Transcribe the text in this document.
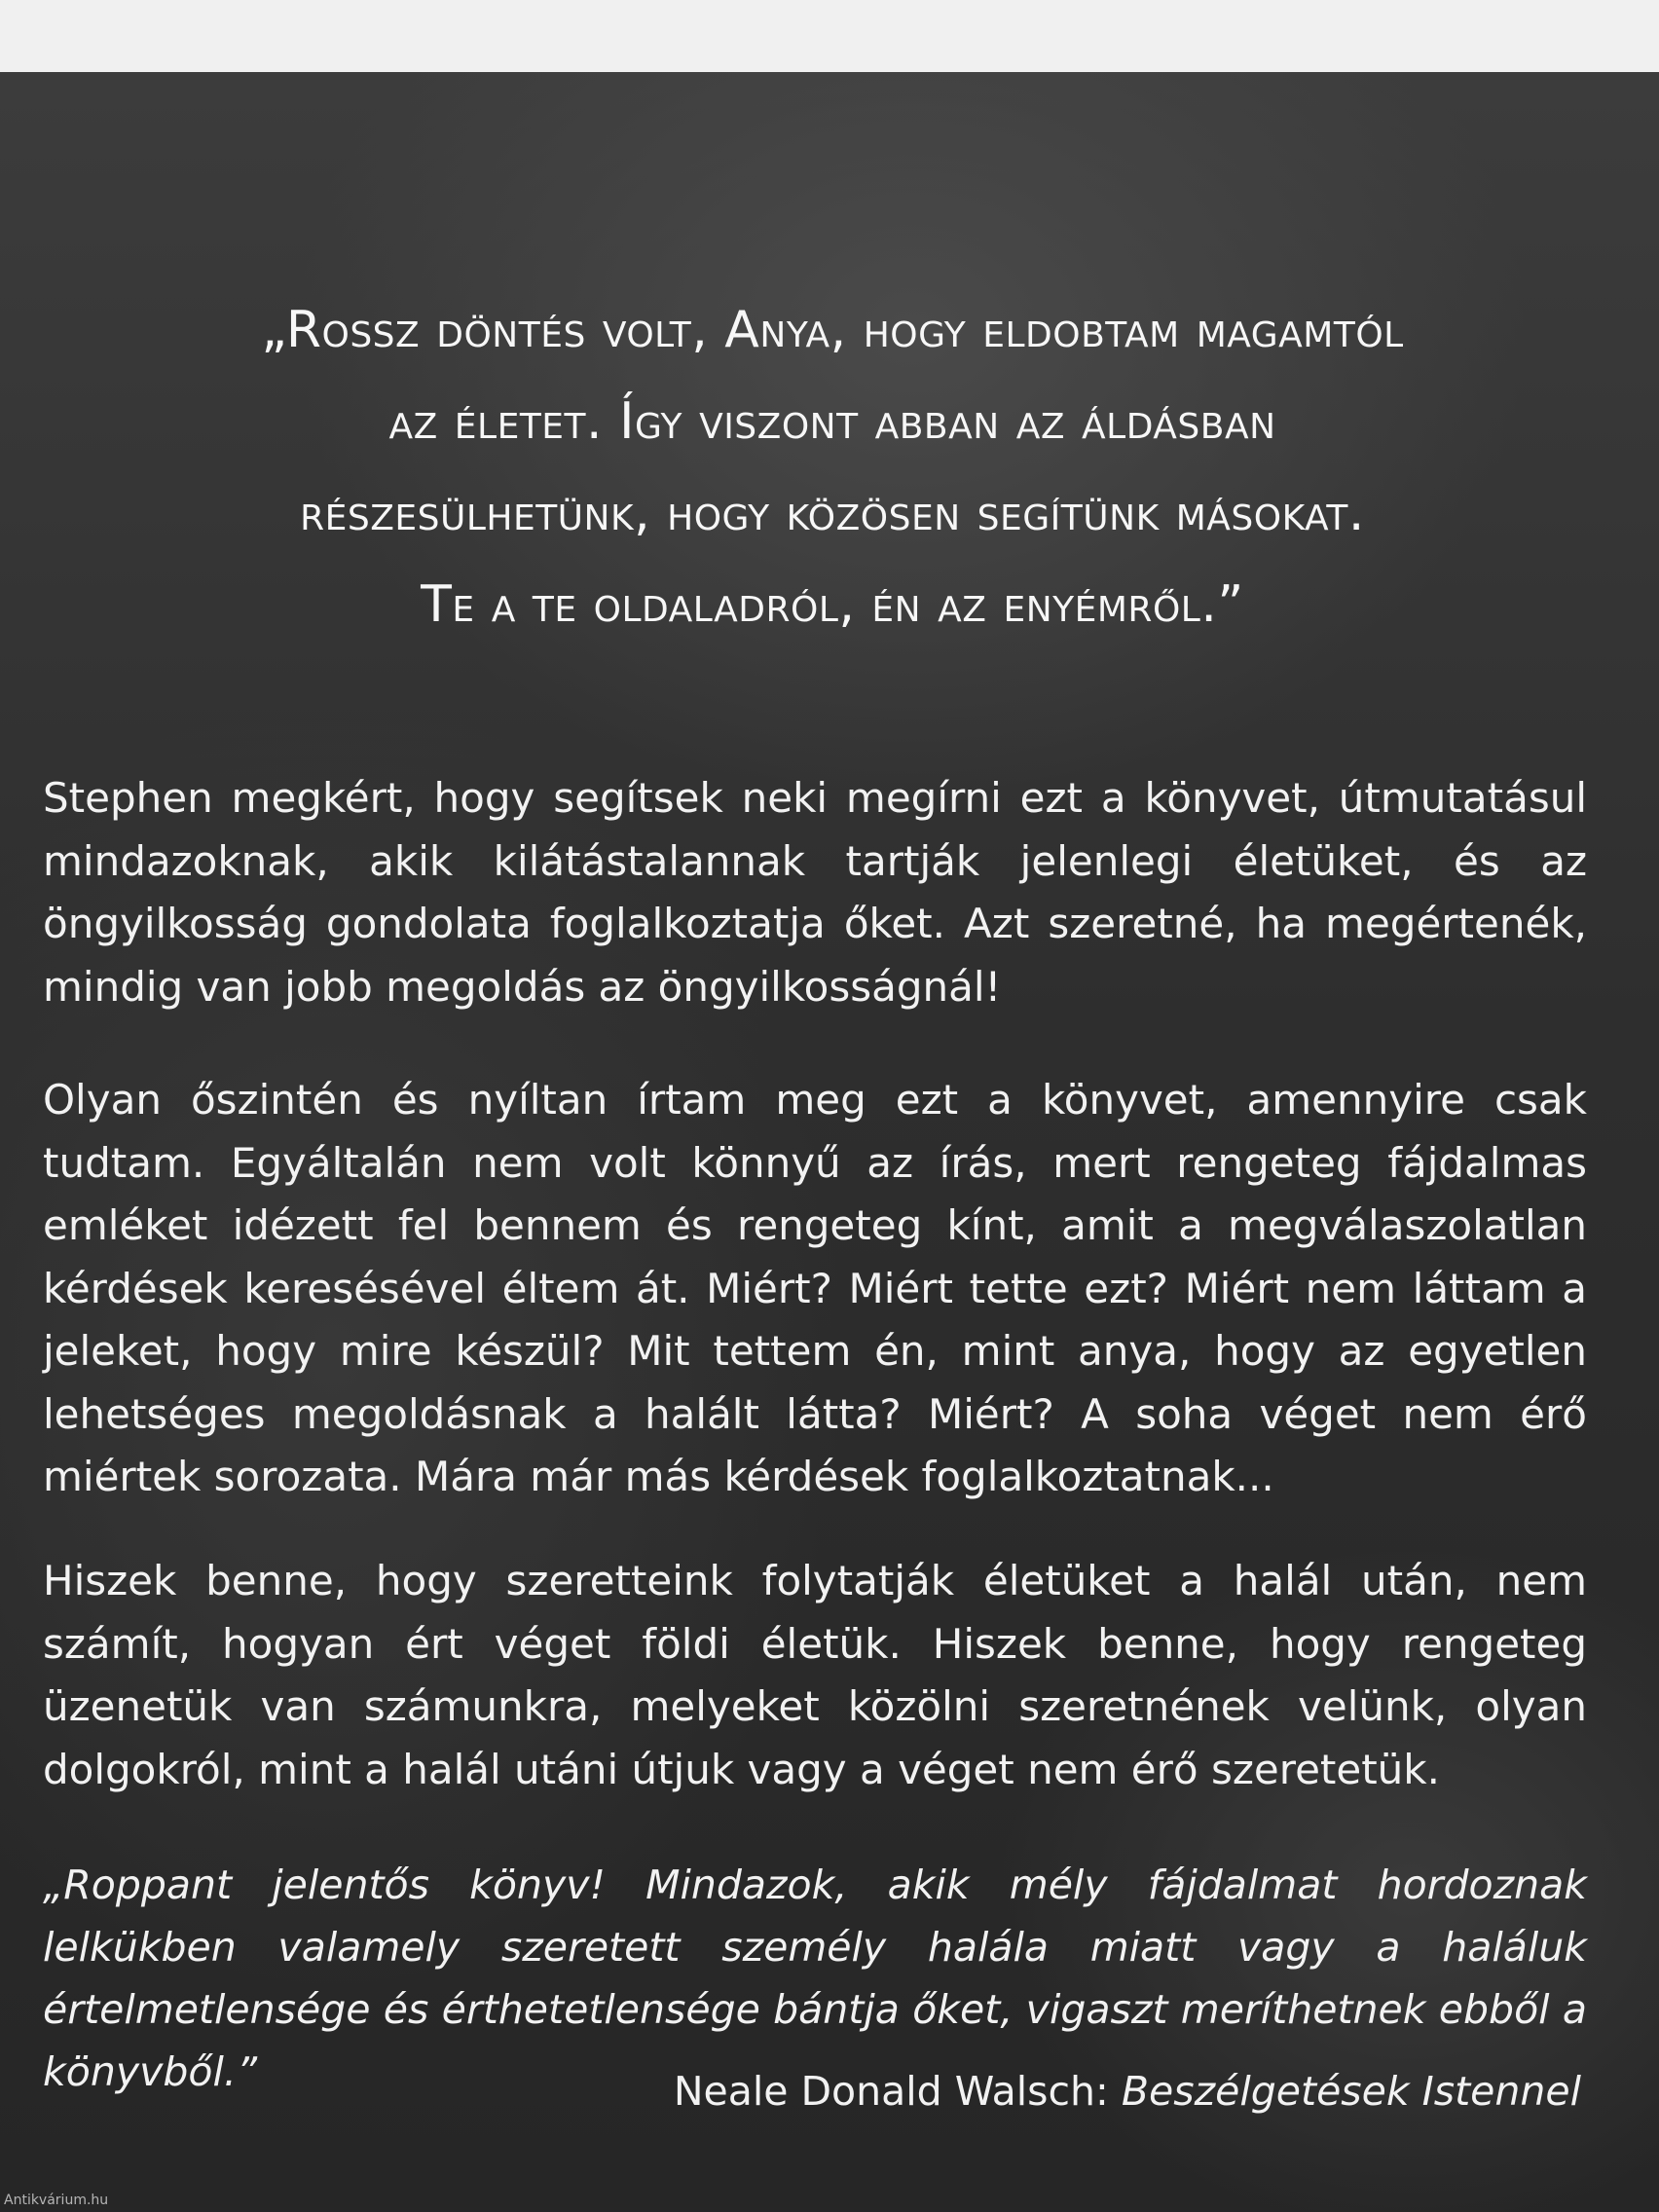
„Rossz döntés volt, Anya, hogy eldobtam magamtól
az életet. Így viszont abban az áldásban
részesülhetünk, hogy közösen segítünk másokat.
Te a te oldaladról, én az enyémről.”
Stephen megkért, hogy segítsek neki megírni ezt a könyvet, útmutatásul mindazoknak, akik kilátástalannak tartják jelenlegi életüket, és az öngyilkosság gondolata foglalkoztatja őket. Azt szeretné, ha megértenék, mindig van jobb megoldás az öngyilkosságnál!
Olyan őszintén és nyíltan írtam meg ezt a könyvet, amennyire csak tudtam. Egyáltalán nem volt könnyű az írás, mert rengeteg fájdalmas emléket idézett fel bennem és rengeteg kínt, amit a megválaszolatlan kérdések keresésével éltem át. Miért? Miért tette ezt? Miért nem láttam a jeleket, hogy mire készül? Mit tettem én, mint anya, hogy az egyetlen lehetséges megoldásnak a halált látta? Miért? A soha véget nem érő miértek sorozata. Mára már más kérdések foglalkoztatnak...
Hiszek benne, hogy szeretteink folytatják életüket a halál után, nem számít, hogyan ért véget földi életük. Hiszek benne, hogy rengeteg üzenetük van számunkra, melyeket közölni szeretnének velünk, olyan dolgokról, mint a halál utáni útjuk vagy a véget nem érő szeretetük.
„Roppant jelentős könyv! Mindazok, akik mély fájdalmat hordoznak lelkükben valamely szeretett személy halála miatt vagy a haláluk értelmetlensége és érthetetlensége bántja őket, vigaszt meríthetnek ebből a könyvből.”	Neale Donald Walsch: Beszélgetések Istennel
Antikvárium.hu
